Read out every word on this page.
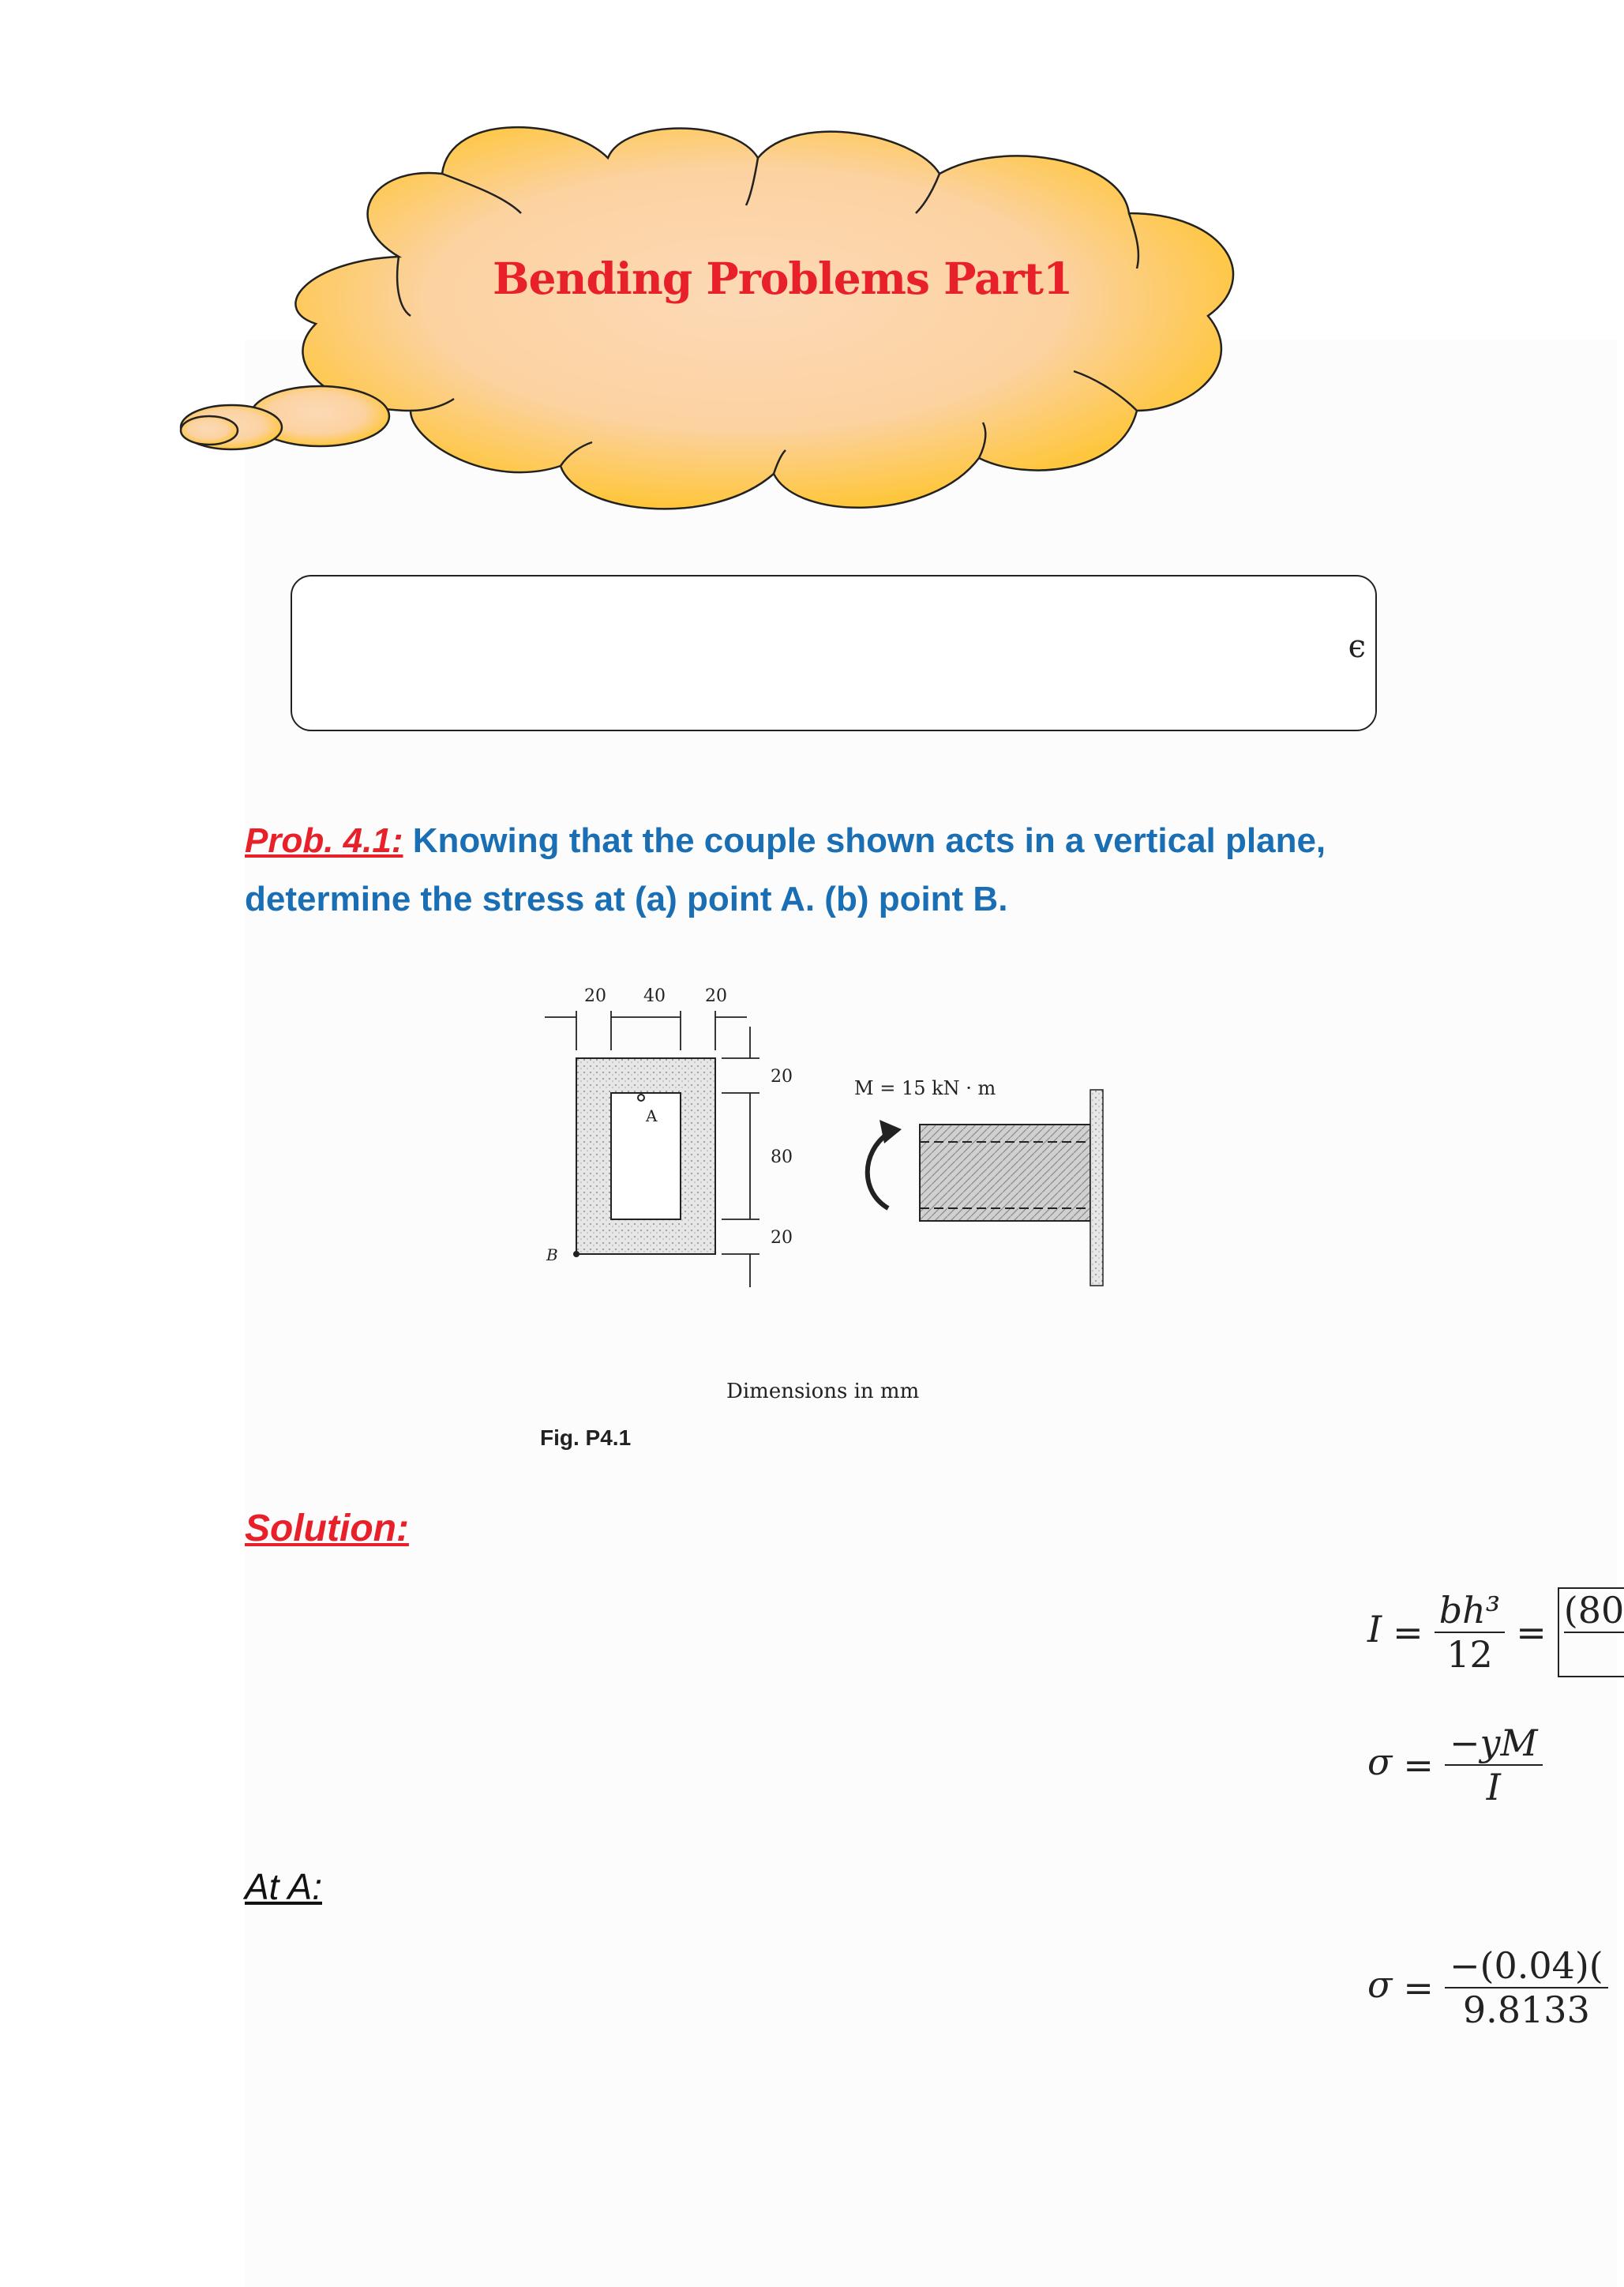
Bending Problems Part1
ϵ
Prob. 4.1: Knowing that the couple shown acts in a vertical plane,
determine the stress at (a) point A. (b) point B.
20 40 20
20
80
20
A
B
M = 15 kN · m
Dimensions in mm
Fig. P4.1
Solution:
$I = \frac{\text{bh³}}{12} =(80$
$\sigma = \frac{-yM}{I}$
At A:
$\sigma = \frac{-(0.04)(}{9.8133}$
